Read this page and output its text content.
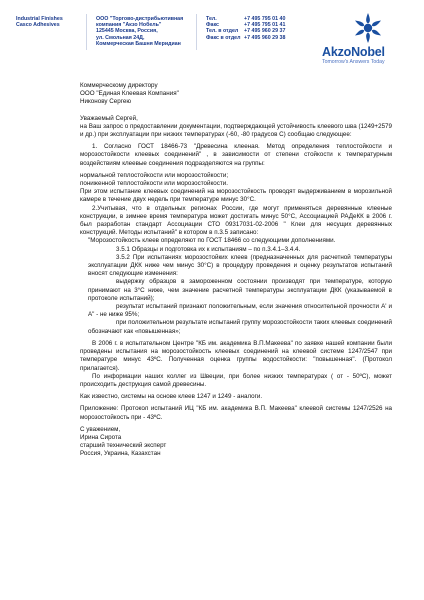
Industrial Finishes
Casco Adhesives
ООО "Торгово-дистрибьютивная
компания "Акзо Нобель"
125445 Москва, Россия,
ул. Смольная 24Д,
Коммерческая Башня Меридиан
Тел.
Факс
Тел. в отдел
Факс в отдел
+7 495 795 01 40
+7 495 795 01 41
+7 495 960 29 37
+7 495 960 29 38
AkzoNobel
Tomorrow's Answers Today

Коммерческому директору

ООО "Единая Клеевая Компания"

Никонову Сергею

Уважаемый Сергей,

на Ваш запрос о предоставлении документации, подтверждающей устойчивость клеевого шва (1249+2579 и др.) при эксплуатации при низких температурах (-60, -80 градусов С) сообщаю следующее:

1. Согласно ГОСТ 18466-73 "Древесина клееная. Метод определения теплостойкости и морозостойкости клеевых соединений" , в зависимости от степени стойкости к температурным воздействиям клеевые соединения подразделяются на группы:

нормальной теплостойкости или морозостойкости;

пониженной теплостойкости или морозостойкости.

При этом испытание клеевых соединений на морозостойкость проводят выдерживанием в морозильной камере в течение двух недель при температуре минус 30°С.

2.Учитывая, что в отдельных регионах России, где могут применяться деревянные клееные конструкции, в зимнее время температура может достигать минус 50°С, Ассоциацией РАДеКК в 2006 г. был разработан стандарт Ассоциации СТО 09317031-02-2006 " Клеи для несущих деревянных конструкций. Методы испытаний" в котором в п.3.5 записано:

"Морозостойкость клеев определяют по ГОСТ 18466 со следующими дополнениями.

3.5.1 Образцы и подготовка их к испытаниям – по п.3.4.1–3.4.4.

3.5.2 При испытаниях морозостойких клеев (предназначенных для расчетной температуры эксплуатации ДКК ниже чем минус 30°С) в процедуру проведения и оценку результатов испытаний вносят следующие изменения:

выдержку образцов в замороженном состоянии производят при температуре, которую принимают на 3°С ниже, чем значение расчетной температуры эксплуатации ДКК (указываемой в протоколе испытаний);

результат испытаний признают положительным, если значения относительной прочности А' и А" - не ниже 95%;

при положительном результате испытаний группу морозостойкости таких клеевых соединений обозначают как «повышенная»;

В 2006 г. в испытательном Центре "КБ им. академика В.П.Макеева" по заявке нашей компании были проведены испытания на морозостойкость клеевых соединений на клеевой системе 1247/2547 при температуре минус 43ºС. Полученная оценка группы водостойкости: "повышенная". (Протокол прилагается).

По информации наших коллег из Швеции, при более низких температурах ( от - 50ºС), может происходить деструкция самой древесины.

Как известно, системы на основе клеев 1247 и 1249 - аналоги.

Приложение: Протокол испытаний ИЦ "КБ им. академика В.П. Макеева" клеевой системы 1247/2526 на морозостойкость при - 43ºС.

С уважением,

Ирина Сирота

старший технический эксперт

Россия, Украина, Казахстан
